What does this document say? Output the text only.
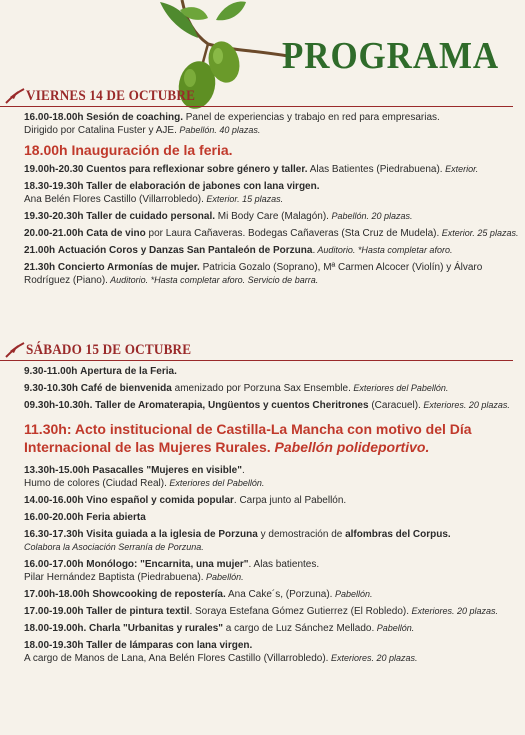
PROGRAMA
VIERNES 14 DE OCTUBRE
16.00-18.00h Sesión de coaching. Panel de experiencias y trabajo en red para empresarias.
Dirigido por Catalina Fuster y AJE. Pabellón. 40 plazas.
18.00h Inauguración de la feria.
19.00h-20.30 Cuentos para reflexionar sobre género y taller. Alas Batientes (Piedrabuena). Exterior.
18.30-19.30h Taller de elaboración de jabones con lana virgen.
Ana Belén Flores Castillo (Villarrobledo). Exterior. 15 plazas.
19.30-20.30h Taller de cuidado personal. Mi Body Care (Malagón). Pabellón. 20 plazas.
20.00-21.00h Cata de vino por Laura Cañaveras. Bodegas Cañaveras (Sta Cruz de Mudela). Exterior. 25 plazas.
21.00h Actuación Coros y Danzas San Pantaleón de Porzuna. Auditorio. *Hasta completar aforo.
21.30h Concierto Armonías de mujer. Patricia Gozalo (Soprano), Mª Carmen Alcocer (Violín) y Álvaro
Rodríguez (Piano). Auditorio. *Hasta completar aforo. Servicio de barra.
SÁBADO 15 DE OCTUBRE
9.30-11.00h Apertura de la Feria.
9.30-10.30h Café de bienvenida amenizado por Porzuna Sax Ensemble. Exteriores del Pabellón.
09.30h-10.30h. Taller de Aromaterapia, Ungüentos y cuentos Cheritrones (Caracuel). Exteriores. 20 plazas.
11.30h: Acto institucional de Castilla-La Mancha con motivo del Día Internacional de las Mujeres Rurales. Pabellón polideportivo.
13.30h-15.00h Pasacalles "Mujeres en visible".
Humo de colores (Ciudad Real). Exteriores del Pabellón.
14.00-16.00h Vino español y comida popular. Carpa junto al Pabellón.
16.00-20.00h Feria abierta
16.30-17.30h Visita guiada a la iglesia de Porzuna y demostración de alfombras del Corpus.
Colabora la Asociación Serranía de Porzuna.
16.00-17.00h Monólogo: "Encarnita, una mujer". Alas batientes.
Pilar Hernández Baptista (Piedrabuena). Pabellón.
17.00h-18.00h Showcooking de repostería. Ana Cake´s, (Porzuna). Pabellón.
17.00-19.00h Taller de pintura textil. Soraya Estefana Gómez Gutierrez (El Robledo). Exteriores. 20 plazas.
18.00-19.00h. Charla "Urbanitas y rurales" a cargo de Luz Sánchez Mellado. Pabellón.
18.00-19.30h Taller de lámparas con lana virgen.
A cargo de Manos de Lana, Ana Belén Flores Castillo (Villarrobledo). Exteriores. 20 plazas.
